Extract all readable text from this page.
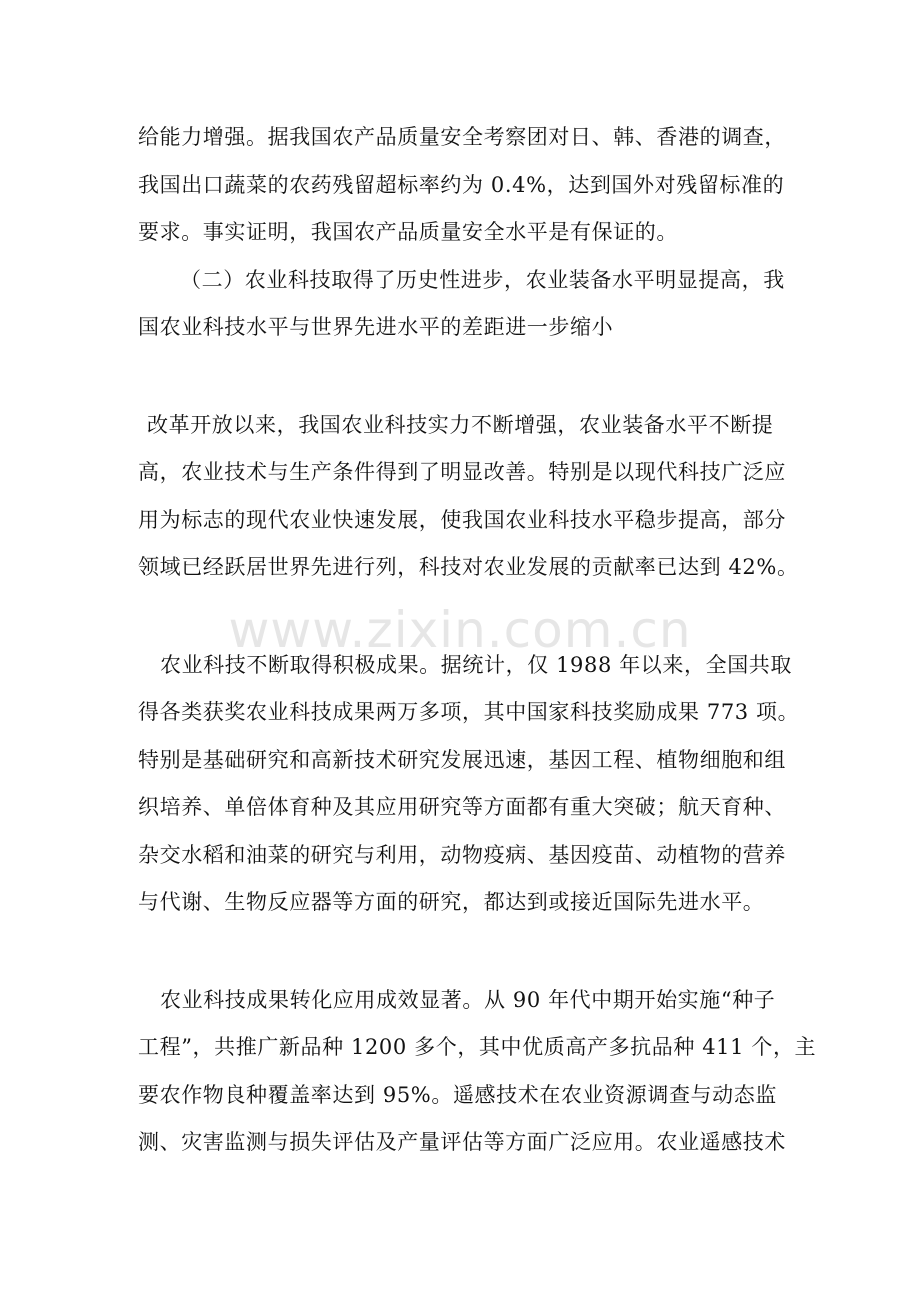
www.zixin.com.cn
给能力增强。据我国农产品质量安全考察团对日、韩、香港的调查，
我国出口蔬菜的农药残留超标率约为 0.4%，达到国外对残留标准的
要求。事实证明，我国农产品质量安全水平是有保证的。
（二）农业科技取得了历史性进步，农业装备水平明显提高，我
国农业科技水平与世界先进水平的差距进一步缩小
改革开放以来，我国农业科技实力不断增强，农业装备水平不断提
高，农业技术与生产条件得到了明显改善。特别是以现代科技广泛应
用为标志的现代农业快速发展，使我国农业科技水平稳步提高，部分
领域已经跃居世界先进行列，科技对农业发展的贡献率已达到 42%。
农业科技不断取得积极成果。据统计，仅 1988 年以来，全国共取
得各类获奖农业科技成果两万多项，其中国家科技奖励成果 773 项。
特别是基础研究和高新技术研究发展迅速，基因工程、植物细胞和组
织培养、单倍体育种及其应用研究等方面都有重大突破；航天育种、
杂交水稻和油菜的研究与利用，动物疫病、基因疫苗、动植物的营养
与代谢、生物反应器等方面的研究，都达到或接近国际先进水平。
农业科技成果转化应用成效显著。从 90 年代中期开始实施“种子
工程”，共推广新品种 1200 多个，其中优质高产多抗品种 411 个，主
要农作物良种覆盖率达到 95%。遥感技术在农业资源调查与动态监
测、灾害监测与损失评估及产量评估等方面广泛应用。农业遥感技术
